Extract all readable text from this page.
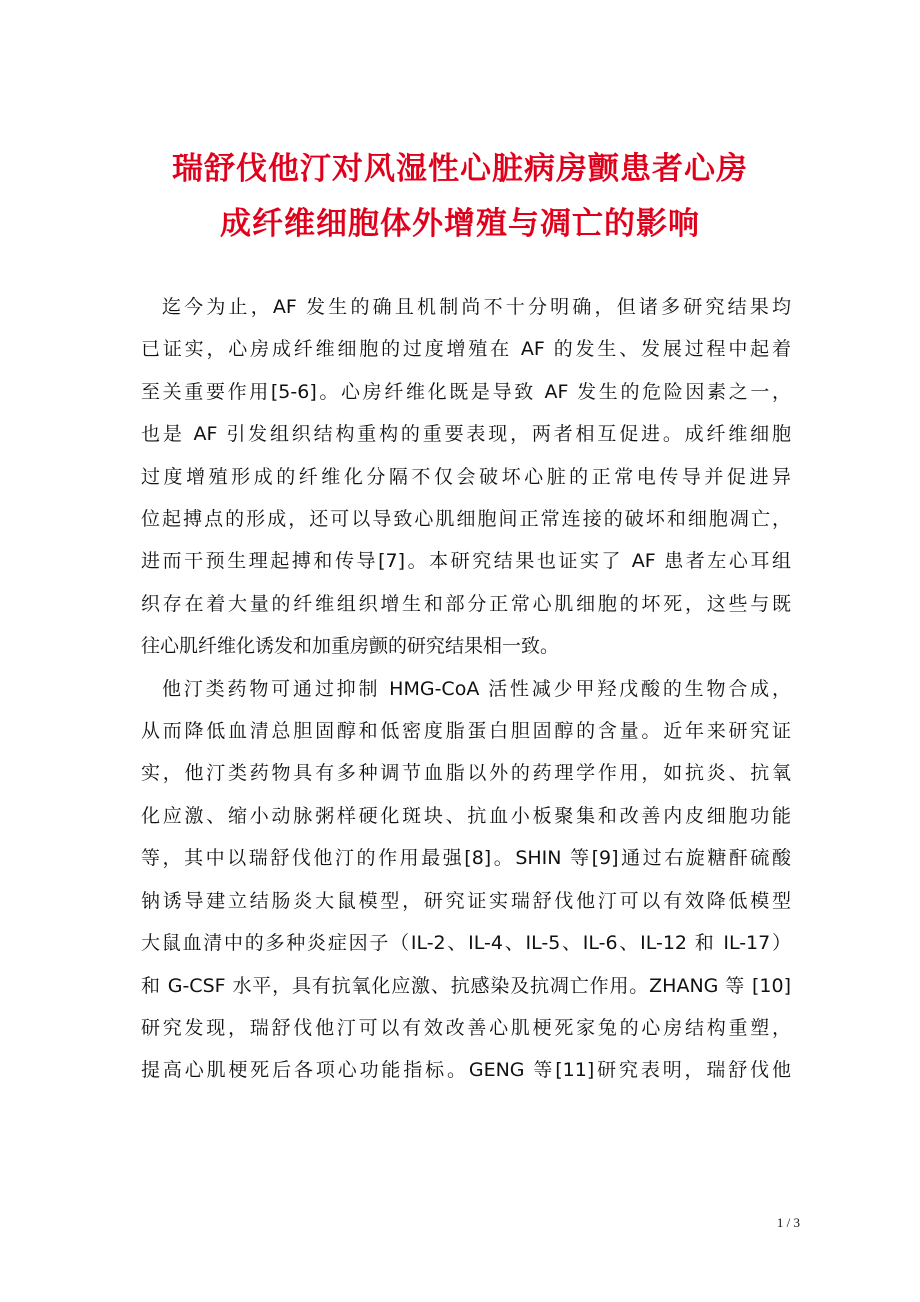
瑞舒伐他汀对风湿性心脏病房颤患者心房
成纤维细胞体外增殖与凋亡的影响
迄今为止，AF 发生的确且机制尚不十分明确，但诸多研究结果均
已证实，心房成纤维细胞的过度增殖在 AF 的发生、发展过程中起着
至关重要作用[5-6]。心房纤维化既是导致 AF 发生的危险因素之一，
也是 AF 引发组织结构重构的重要表现，两者相互促进。成纤维细胞
过度增殖形成的纤维化分隔不仅会破坏心脏的正常电传导并促进异
位起搏点的形成，还可以导致心肌细胞间正常连接的破坏和细胞凋亡，
进而干预生理起搏和传导[7]。本研究结果也证实了 AF 患者左心耳组
织存在着大量的纤维组织增生和部分正常心肌细胞的坏死，这些与既
往心肌纤维化诱发和加重房颤的研究结果相一致。
他汀类药物可通过抑制 HMG-CoA 活性减少甲羟戊酸的生物合成，
从而降低血清总胆固醇和低密度脂蛋白胆固醇的含量。近年来研究证
实，他汀类药物具有多种调节血脂以外的药理学作用，如抗炎、抗氧
化应激、缩小动脉粥样硬化斑块、抗血小板聚集和改善内皮细胞功能
等，其中以瑞舒伐他汀的作用最强[8]。SHIN 等[9]通过右旋糖酐硫酸
钠诱导建立结肠炎大鼠模型，研究证实瑞舒伐他汀可以有效降低模型
大鼠血清中的多种炎症因子（IL-2、IL-4、IL-5、IL-6、IL-12 和 IL-17）
和 G-CSF 水平，具有抗氧化应激、抗感染及抗凋亡作用。ZHANG 等 [10]
研究发现，瑞舒伐他汀可以有效改善心肌梗死家兔的心房结构重塑，
提高心肌梗死后各项心功能指标。GENG 等[11]研究表明，瑞舒伐他
1 / 3
